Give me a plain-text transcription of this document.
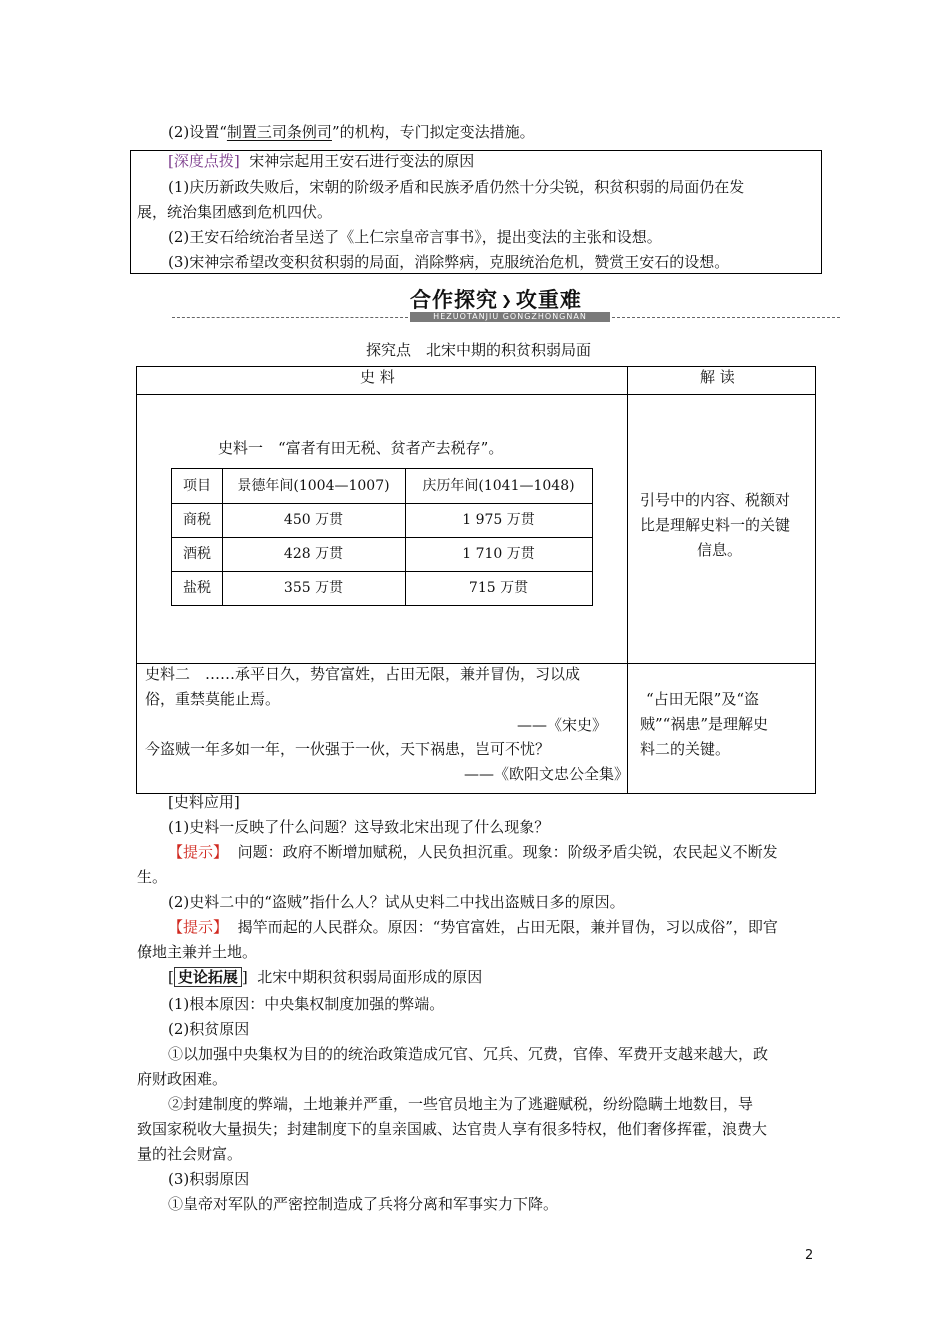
(2)设置“制置三司条例司”的机构，专门拟定变法措施。
[深度点拨] 宋神宗起用王安石进行变法的原因
(1)庆历新政失败后，宋朝的阶级矛盾和民族矛盾仍然十分尖锐，积贫积弱的局面仍在发
展，统治集团感到危机四伏。
(2)王安石给统治者呈送了《上仁宗皇帝言事书》，提出变法的主张和设想。
(3)宋神宗希望改变积贫积弱的局面，消除弊病，克服统治危机，赞赏王安石的设想。
合作探究 ❯ 攻重难
HEZUOTANJIU GONGZHONGNAN
探究点　北宋中期的积贫积弱局面
史 料	解 读
史料一　“富者有田无税、贫者产去税存”。
项目	景德年间(1004—1007)	庆历年间(1041—1048)
商税	450 万贯	1 975 万贯
酒税	428 万贯	1 710 万贯
盐税	355 万贯	715 万贯
引号中的内容、税额对
比是理解史料一的关键
信息。
史料二　……承平日久，势官富姓，占田无限，兼并冒伪，习以成
俗，重禁莫能止焉。
——《宋史》
今盗贼一年多如一年，一伙强于一伙，天下祸患，岂可不忧？
——《欧阳文忠公全集》
“占田无限”及“盗
贼”“祸患”是理解史
料二的关键。
[史料应用]
(1)史料一反映了什么问题？这导致北宋出现了什么现象？
【提示】 问题：政府不断增加赋税，人民负担沉重。现象：阶级矛盾尖锐，农民起义不断发
生。
(2)史料二中的“盗贼”指什么人？试从史料二中找出盗贼日多的原因。
【提示】 揭竿而起的人民群众。原因：“势官富姓，占田无限，兼并冒伪，习以成俗”，即官
僚地主兼并土地。
[ 史论拓展 ]  北宋中期积贫积弱局面形成的原因
(1)根本原因：中央集权制度加强的弊端。
(2)积贫原因
①以加强中央集权为目的的统治政策造成冗官、冗兵、冗费，官俸、军费开支越来越大，政
府财政困难。
②封建制度的弊端，土地兼并严重，一些官员地主为了逃避赋税，纷纷隐瞒土地数目，导
致国家税收大量损失；封建制度下的皇亲国戚、达官贵人享有很多特权，他们奢侈挥霍，浪费大
量的社会财富。
(3)积弱原因
①皇帝对军队的严密控制造成了兵将分离和军事实力下降。
2
